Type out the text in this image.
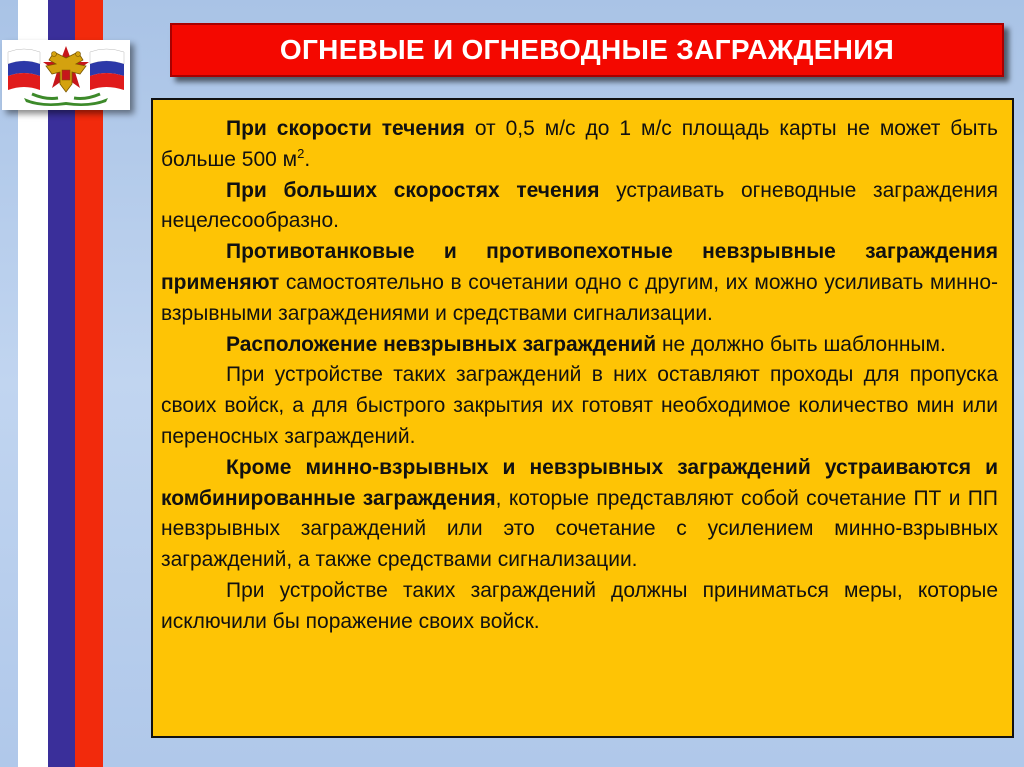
ОГНЕВЫЕ И ОГНЕВОДНЫЕ ЗАГРАЖДЕНИЯ

При скорости течения от 0,5 м/с до 1 м/с площадь карты не может быть больше 500 $м^2$.

При больших скоростях течения устраивать огневодные заграждения нецелесообразно.

Противотанковые и противопехотные невзрывные заграждения применяют самостоятельно в сочетании одно с другим, их можно усиливать минно-взрывными заграждениями и средствами сигнализации.

Расположение невзрывных заграждений не должно быть шаблонным.

При устройстве таких заграждений в них оставляют проходы для пропуска своих войск, а для быстрого закрытия их готовят необходимое количество мин или переносных заграждений.

Кроме минно-взрывных и невзрывных заграждений устраиваются и комбинированные заграждения, которые представляют собой сочетание ПТ и ПП невзрывных заграждений или это сочетание с усилением минно-взрывных заграждений, а также средствами сигнализации.

При устройстве таких заграждений должны приниматься меры, которые исключили бы поражение своих войск.
